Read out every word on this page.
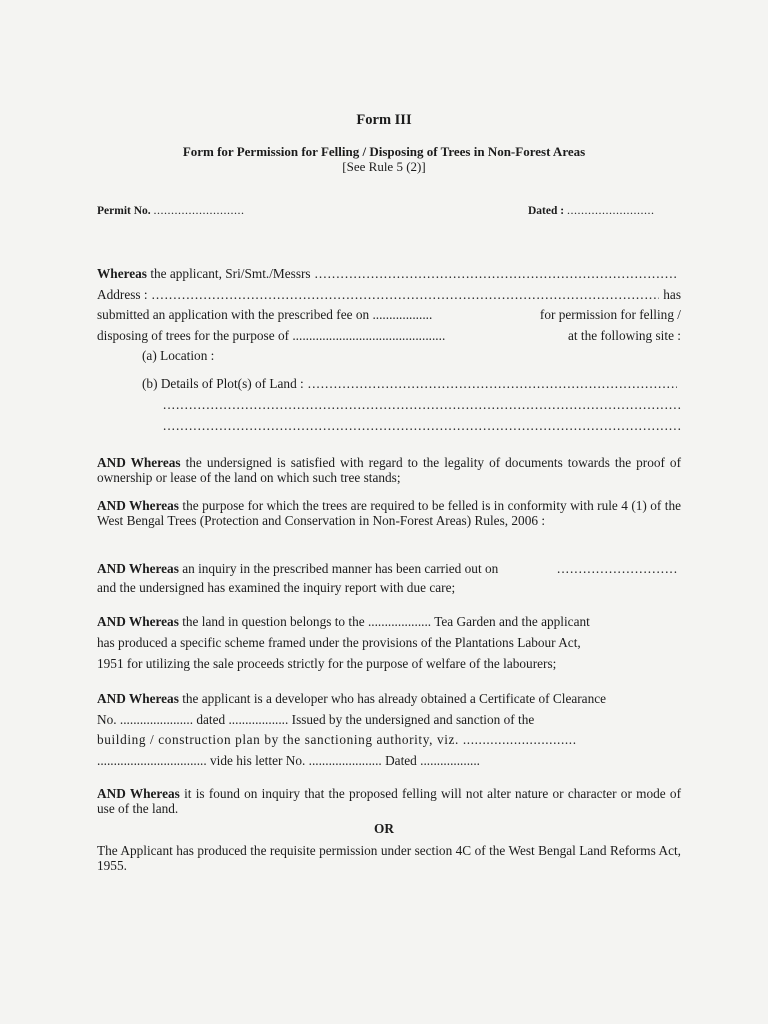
Form III
Form for Permission for Felling / Disposing of Trees in Non-Forest Areas
[See Rule 5 (2)]
Permit No. ..........................	Dated : .........................
Whereas the applicant, Sri/Smt./Messrs
.....
Address :
.....	has
submitted an application with the prescribed fee on ..................	for permission for felling /
disposing of trees for the purpose of ..............................................	at the following site :
(a) Location :
(b) Details of Plot(s) of Land :
.....
.....
.....
AND Whereas the undersigned is satisfied with regard to the legality of documents towards the proof of ownership or lease of the land on which such tree stands;
AND Whereas the purpose for which the trees are required to be felled is in conformity with rule 4 (1) of the West Bengal Trees (Protection and Conservation in Non-Forest Areas) Rules, 2006 :
AND Whereas an inquiry in the prescribed manner has been carried out on
.....
and the undersigned has examined the inquiry report with due care;
AND Whereas the land in question belongs to the ................... Tea Garden and the applicant
has produced a specific scheme framed under the provisions of the Plantations Labour Act,
1951 for utilizing the sale proceeds strictly for the purpose of welfare of the labourers;
AND Whereas the applicant is a developer who has already obtained a Certificate of Clearance
No. ...................... dated .................. Issued by the undersigned and sanction of the
building / construction plan by the sanctioning authority, viz. .............................
................................. vide his letter No. ...................... Dated ..................
AND Whereas it is found on inquiry that the proposed felling will not alter nature or character or mode of use of the land.
OR
The Applicant has produced the requisite permission under section 4C of the West Bengal Land Reforms Act, 1955.
